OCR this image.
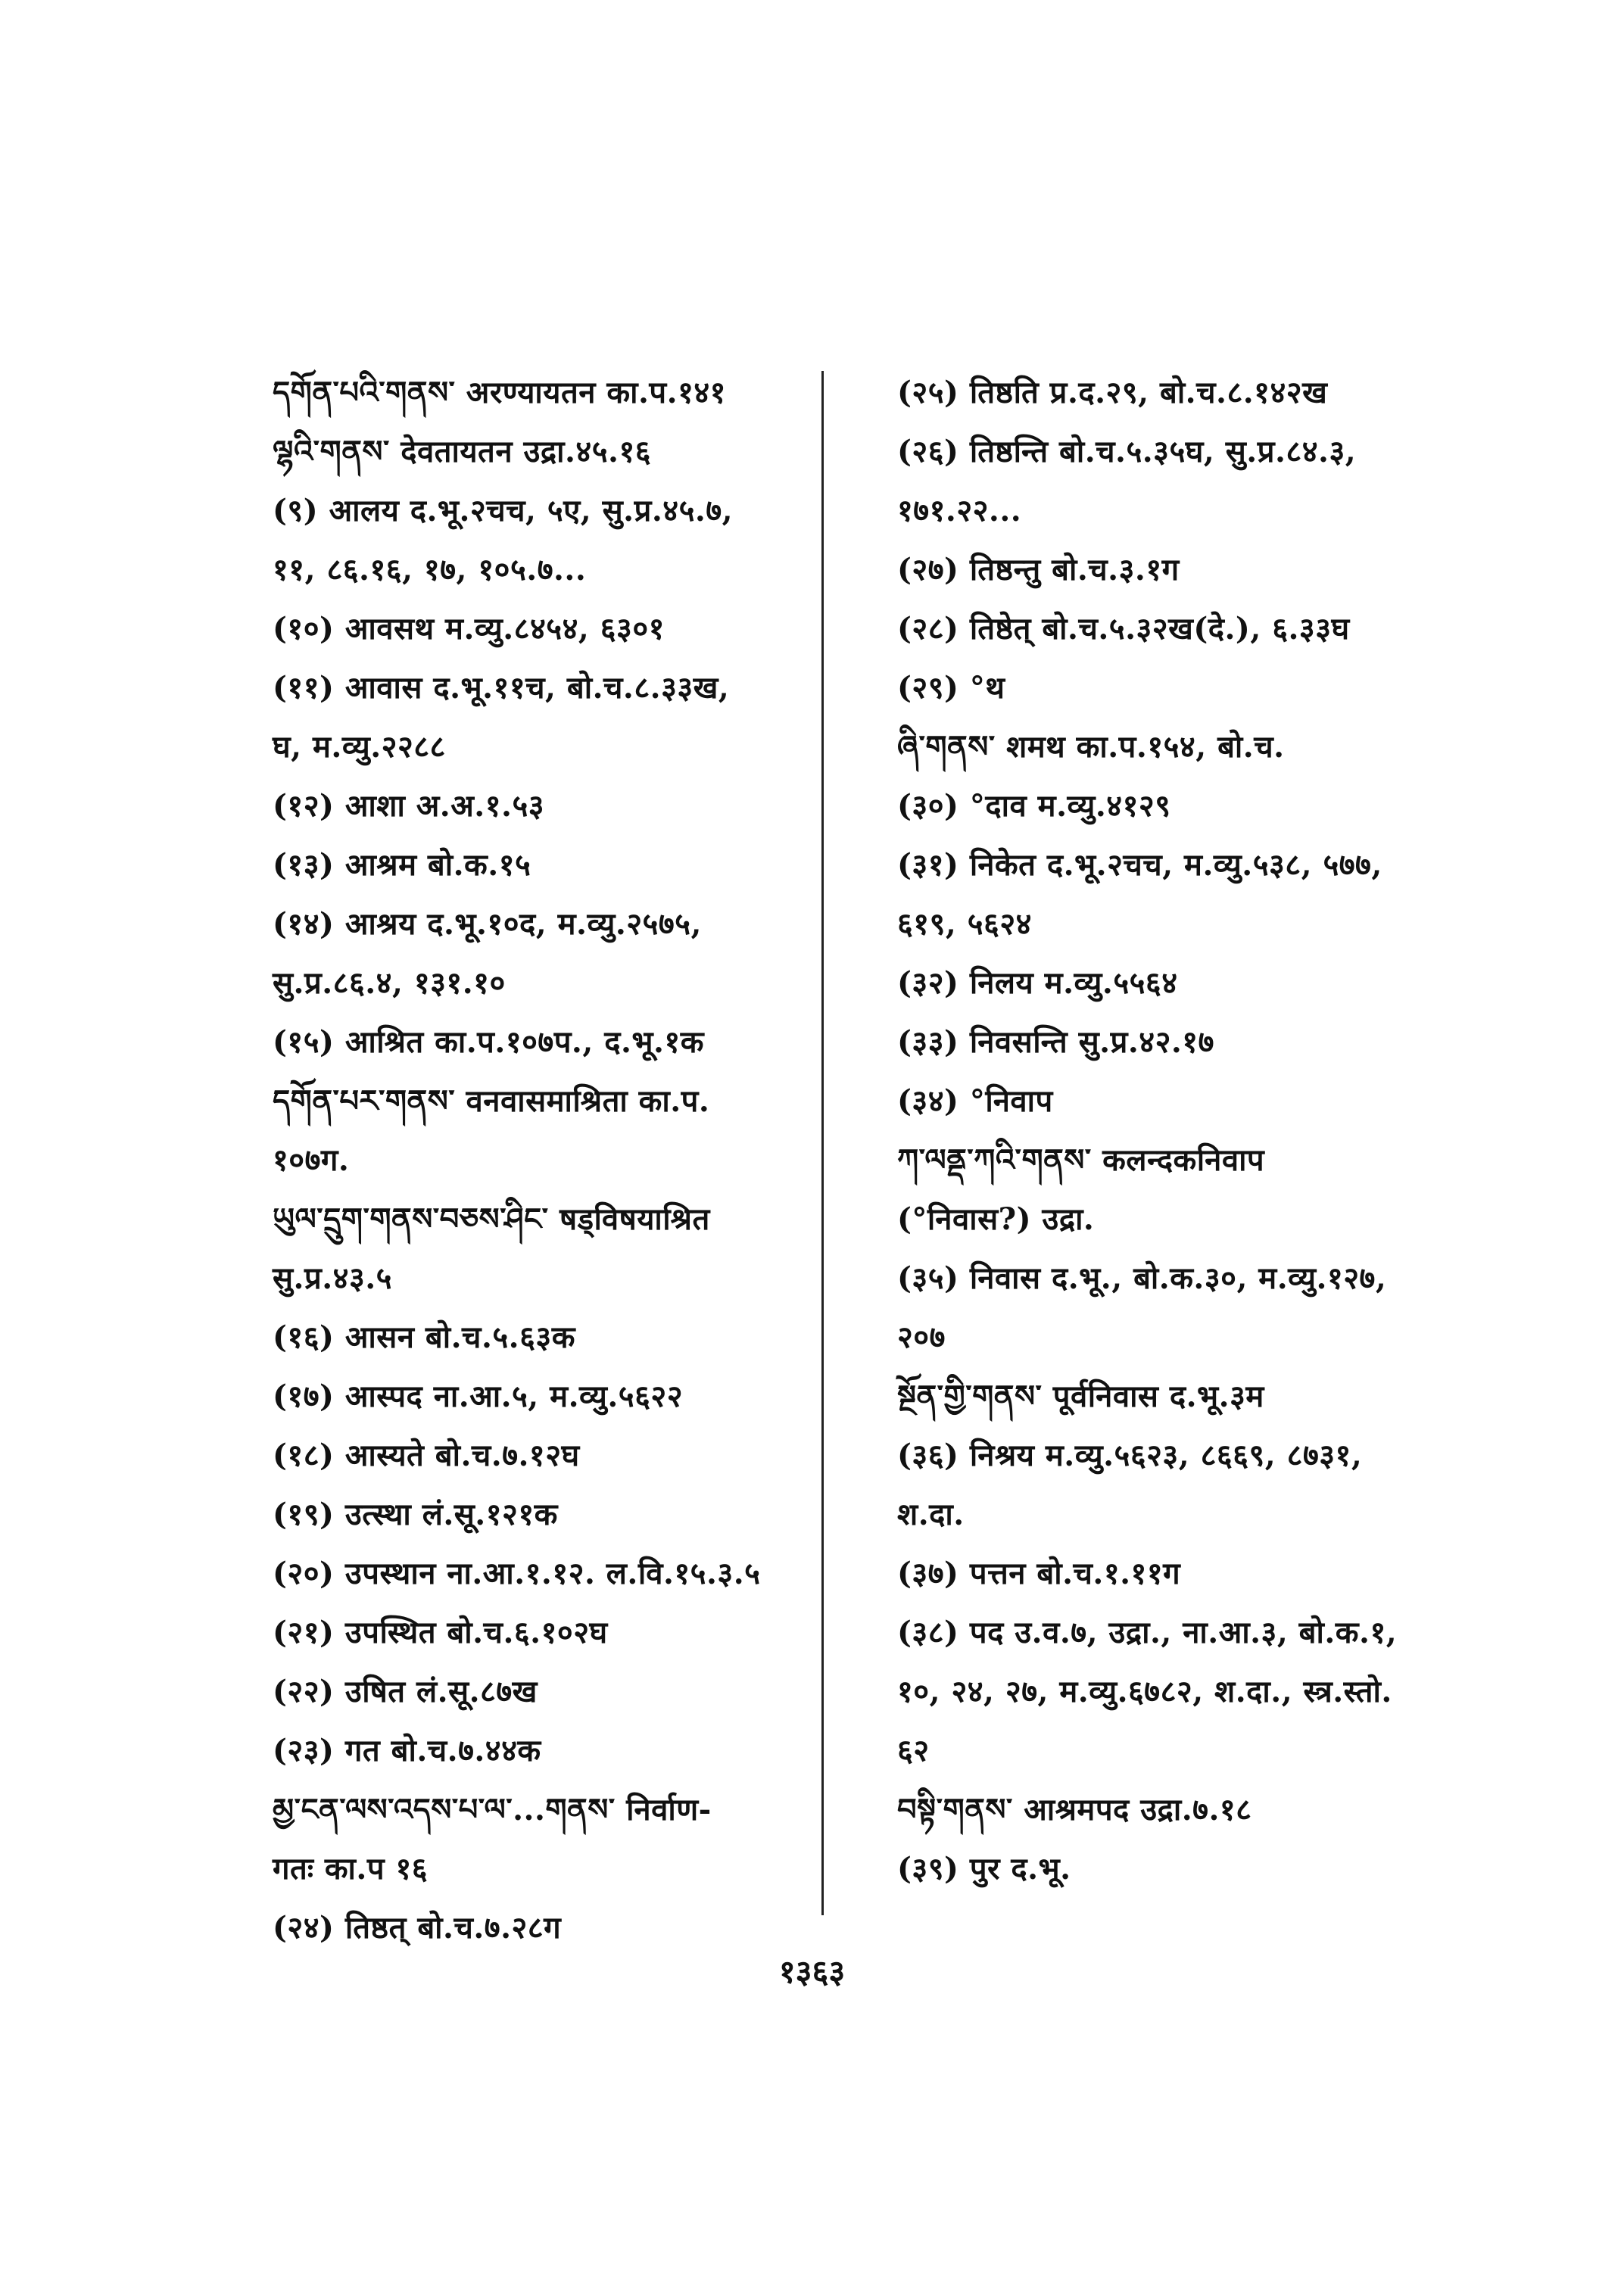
དགོན་པའི་གནས་ अरण्यायतन का.प.१४१
ལྷའི་གནས་ देवतायतन उद्रा.४५.१६
(९) आलय द.भू.२चच, ५ए, सु.प्र.४५.७,
११, ८६.१६, १७, १०५.७...
(१०) आवसथ म.व्यु.८४५४, ६३०१
(११) आवास द.भू.११च, बो.च.८.३३ख,
घ, म.व्यु.२२८८
(१२) आशा अ.अ.१.५३
(१३) आश्रम बो.क.१५
(१४) आश्रय द.भू.१०द, म.व्यु.२५७५,
सु.प्र.८६.४, १३१.१०
(१५) आश्रित का.प.१०७प., द.भू.१क
དགོན་པར་གནས་ वनवासमाश्रिता का.प.
१०७ग.
ཡུལ་དྲུག་གནས་བཅས་ཤིང་ षड्विषयाश्रित
सु.प्र.४३.५
(१६) आसन बो.च.५.६३क
(१७) आस्पद ना.आ.५, म.व्यु.५६२२
(१८) आस्यते बो.च.७.१२घ
(१९) उत्स्था लं.सू.१२१क
(२०) उपस्थान ना.आ.१.१२. ल.वि.१५.३.५
(२१) उपस्थित बो.च.६.१०२घ
(२२) उषित लं.सू.८७ख
(२३) गत बो.च.७.४४क
མྱ་ངན་ལས་འདས་པ་ལ་...གནས་ निर्वाण-
गतः का.प १६
(२४) तिष्ठत् बो.च.७.२८ग
(२५) तिष्ठति प्र.द.२९, बो.च.८.१४२ख
(२६) तिष्ठन्ति बो.च.५.३५घ, सु.प्र.८४.३,
१७१.२२...
(२७) तिष्ठन्तु बो.च.३.१ग
(२८) तिष्ठेत् बो.च.५.३२ख(दे.), ६.३३घ
(२९) °थ
ཞི་གནས་ शमथ का.प.१५४, बो.च.
(३०) °दाव म.व्यु.४१२९
(३१) निकेत द.भू.२चच, म.व्यु.५३८, ५७७,
६१९, ५६२४
(३२) निलय म.व्यु.५५६४
(३३) निवसन्ति सु.प्र.४२.१७
(३४) °निवाप
ཀ་ལནྡ་ཀའི་གནས་ कलन्दकनिवाप
(°निवास?) उद्रा.
(३५) निवास द.भू., बो.क.३०, म.व्यु.१२७,
२०७
སྔོན་གྱི་གནས་ पूर्वनिवास द.भू.३म
(३६) निश्रय म.व्यु.५६२३, ८६६९, ८७३१,
श.दा.
(३७) पत्तन बो.च.१.११ग
(३८) पद उ.व.७, उद्रा., ना.आ.३, बो.क.१,
१०, २४, २७, म.व्यु.६७८२, श.दा., स्त्र.स्तो.
६२
བསྟི་གནས་ आश्रमपद उद्रा.७.१८
(३९) पुर द.भू.
१३६३
